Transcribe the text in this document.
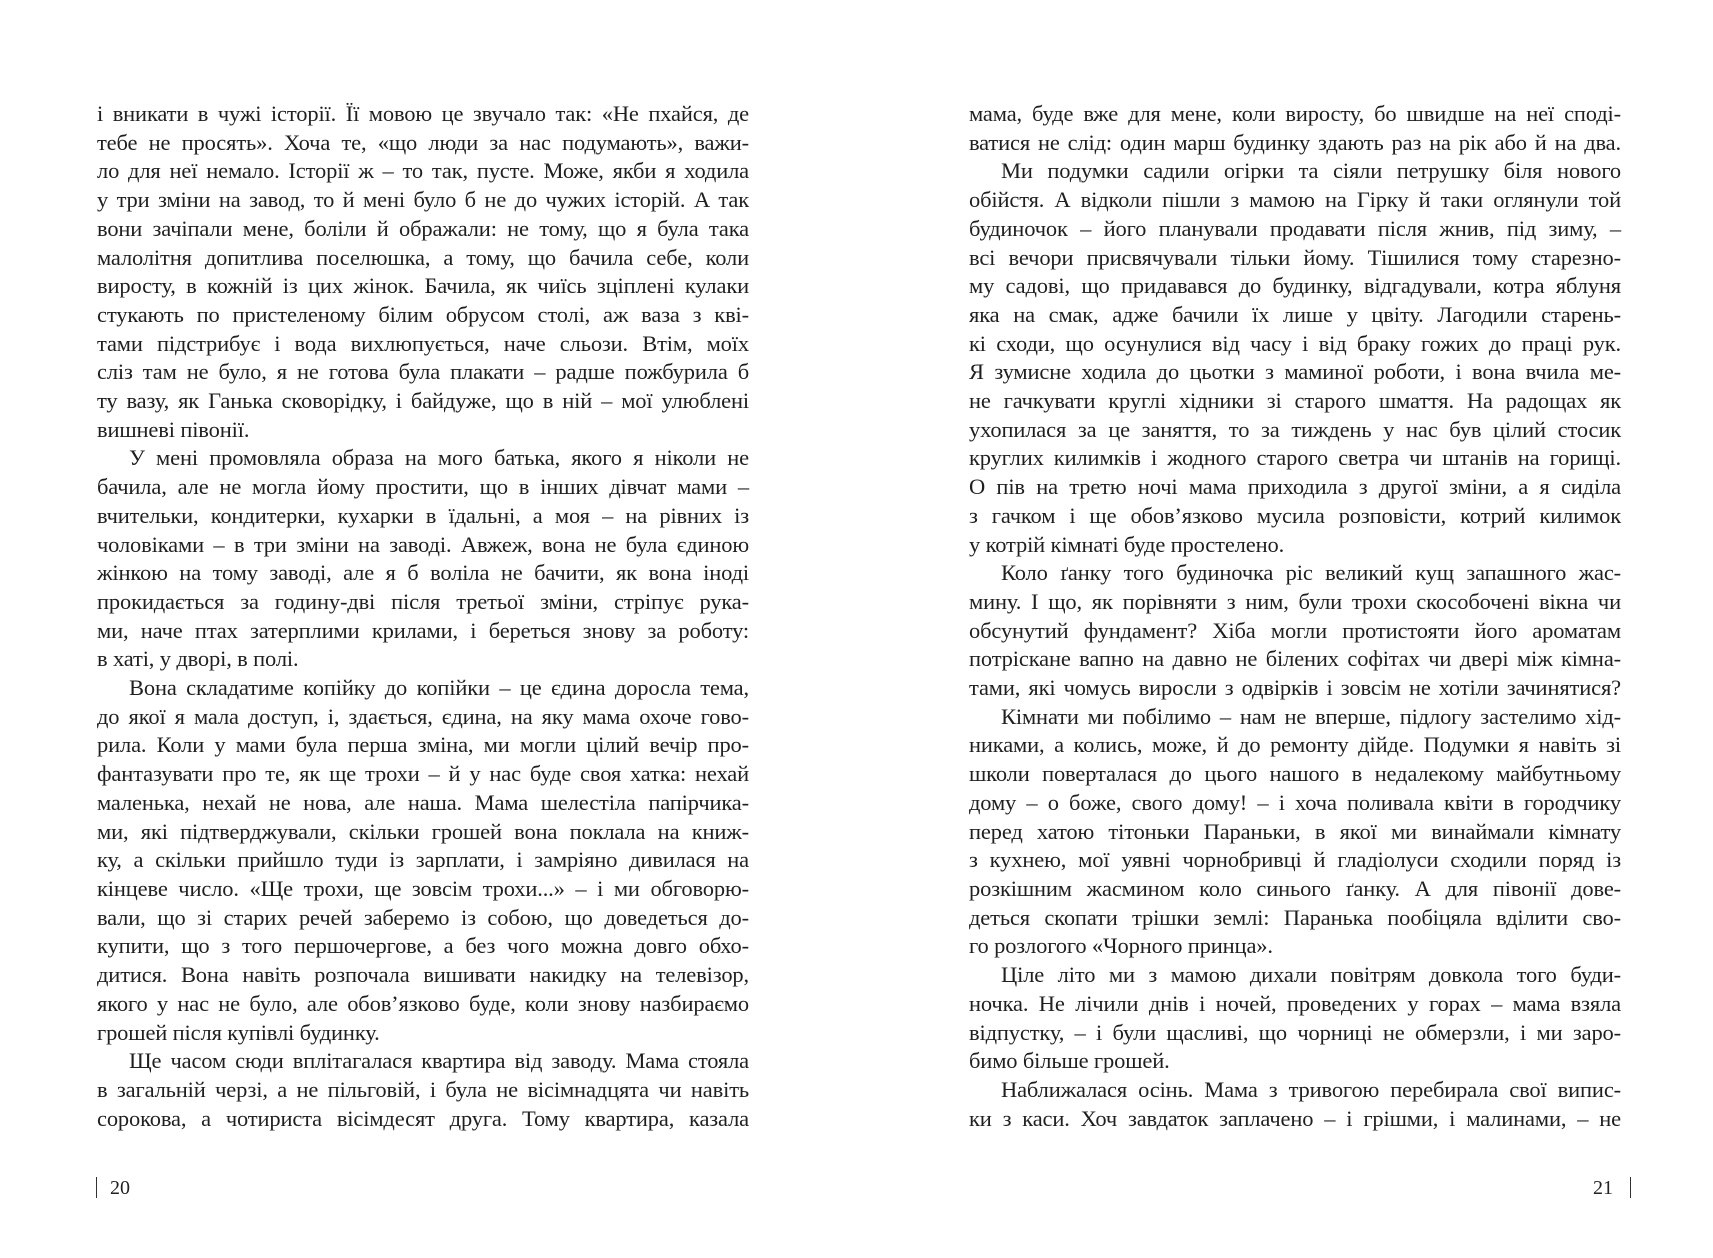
і вникати в чужі історії. Її мовою це звучало так: «Не пхайся, де
тебе не просять». Хоча те, «що люди за нас подумають», важи-
ло для неї немало. Історії ж – то так, пусте. Може, якби я ходила
у три зміни на завод, то й мені було б не до чужих історій. А так
вони зачіпали мене, боліли й ображали: не тому, що я була така
малолітня допитлива поселюшка, а тому, що бачила себе, коли
виросту, в кожній із цих жінок. Бачила, як чиїсь зціплені кулаки
стукають по пристеленому білим обрусом столі, аж ваза з кві-
тами підстрибує і вода вихлюпується, наче сльози. Втім, моїх
сліз там не було, я не готова була плакати – радше пожбурила б
ту вазу, як Ганька сковорідку, і байдуже, що в ній – мої улюблені
вишневі півонії.
У мені промовляла образа на мого батька, якого я ніколи не
бачила, але не могла йому простити, що в інших дівчат мами –
вчительки, кондитерки, кухарки в їдальні, а моя – на рівних із
чоловіками – в три зміни на заводі. Авжеж, вона не була єдиною
жінкою на тому заводі, але я б воліла не бачити, як вона іноді
прокидається за годину-дві після третьої зміни, стріпує рука-
ми, наче птах затерплими крилами, і береться знову за роботу:
в хаті, у дворі, в полі.
Вона складатиме копійку до копійки – це єдина доросла тема,
до якої я мала доступ, і, здається, єдина, на яку мама охоче гово-
рила. Коли у мами була перша зміна, ми могли цілий вечір про-
фантазувати про те, як ще трохи – й у нас буде своя хатка: нехай
маленька, нехай не нова, але наша. Мама шелестіла папірчика-
ми, які підтверджували, скільки грошей вона поклала на книж-
ку, а скільки прийшло туди із зарплати, і замріяно дивилася на
кінцеве число. «Ще трохи, ще зовсім трохи...» – і ми обговорю-
вали, що зі старих речей заберемо із собою, що доведеться до-
купити, що з того першочергове, а без чого можна довго обхо-
дитися. Вона навіть розпочала вишивати накидку на телевізор,
якого у нас не було, але обов’язково буде, коли знову назбираємо
грошей після купівлі будинку.
Ще часом сюди вплітагалася квартира від заводу. Мама стояла
в загальній черзі, а не пільговій, і була не вісімнадцята чи навіть
сорокова, а чотириста вісімдесят друга. Тому квартира, казала
20
мама, буде вже для мене, коли виросту, бо швидше на неї сподi-
ватися не слід: один марш будинку здають раз на рік або й на два.
Ми подумки садили огірки та сіяли петрушку біля нового
обійстя. А відколи пішли з мамою на Гірку й таки оглянули той
будиночок – його планували продавати після жнив, під зиму, –
всі вечори присвячували тільки йому. Тішилися тому старезно-
му садові, що придавався до будинку, відгадували, котра яблуня
яка на смак, адже бачили їх лише у цвіту. Лагодили старень-
кі сходи, що осунулися від часу і від браку гожих до праці рук.
Я зумисне ходила до цьотки з маминої роботи, і вона вчила ме-
не гачкувати круглі хідники зі старого шмаття. На радощах як
ухопилася за це заняття, то за тиждень у нас був цілий стосик
круглих килимків і жодного старого светра чи штанів на горищі.
О пів на третю ночі мама приходила з другої зміни, а я сиділа
з гачком і ще обов’язково мусила розповісти, котрий килимок
у котрій кімнаті буде простелено.
Коло ґанку того будиночка ріс великий кущ запашного жас-
мину. І що, як порівняти з ним, були трохи скособочені вікна чи
обсунутий фундамент? Хіба могли протистояти його ароматам
потріскане вапно на давно не білених софітах чи двері між кімна-
тами, які чомусь виросли з одвірків і зовсім не хотіли зачинятися?
Кімнати ми побілимо – нам не вперше, підлогу застелимо хід-
никами, а колись, може, й до ремонту дійде. Подумки я навіть зі
школи поверталася до цього нашого в недалекому майбутньому
дому – о боже, свого дому! – і хоча поливала квіти в городчику
перед хатою тітоньки Параньки, в якої ми винаймали кімнату
з кухнею, мої уявні чорнобривці й гладіолуси сходили поряд із
розкішним жасмином коло синього ґанку. А для півонії дове-
деться скопати трішки землі: Паранька пообіцяла вділити сво-
го розлогого «Чорного принца».
Ціле літо ми з мамою дихали повітрям довкола того буди-
ночка. Не лічили днів і ночей, проведених у горах – мама взяла
відпустку, – і були щасливі, що чорниці не обмерзли, і ми заро-
бимо більше грошей.
Наближалася осінь. Мама з тривогою перебирала свої випис-
ки з каси. Хоч завдаток заплачено – і грішми, і малинами, – не
21
